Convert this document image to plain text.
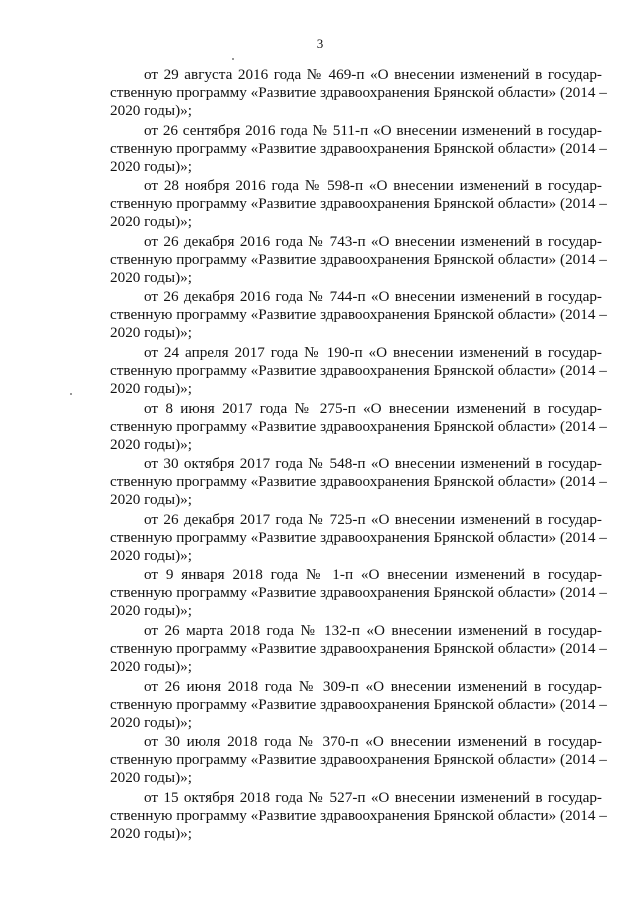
3

от 29 августа 2016 года № 469-п «О внесении изменений в государ-
ственную программу «Развитие здравоохранения Брянской области» (2014 –
2020 годы)»;

от 26 сентября 2016 года № 511-п «О внесении изменений в государ-
ственную программу «Развитие здравоохранения Брянской области» (2014 –
2020 годы)»;

от 28 ноября 2016 года № 598-п «О внесении изменений в государ-
ственную программу «Развитие здравоохранения Брянской области» (2014 –
2020 годы)»;

от 26 декабря 2016 года № 743-п «О внесении изменений в государ-
ственную программу «Развитие здравоохранения Брянской области» (2014 –
2020 годы)»;

от 26 декабря 2016 года № 744-п «О внесении изменений в государ-
ственную программу «Развитие здравоохранения Брянской области» (2014 –
2020 годы)»;

от 24 апреля 2017 года № 190-п «О внесении изменений в государ-
ственную программу «Развитие здравоохранения Брянской области» (2014 –
2020 годы)»;

от 8 июня 2017 года № 275-п «О внесении изменений в государ-
ственную программу «Развитие здравоохранения Брянской области» (2014 –
2020 годы)»;

от 30 октября 2017 года № 548-п «О внесении изменений в государ-
ственную программу «Развитие здравоохранения Брянской области» (2014 –
2020 годы)»;

от 26 декабря 2017 года № 725-п «О внесении изменений в государ-
ственную программу «Развитие здравоохранения Брянской области» (2014 –
2020 годы)»;

от 9 января 2018 года № 1-п «О внесении изменений в государ-
ственную программу «Развитие здравоохранения Брянской области» (2014 –
2020 годы)»;

от 26 марта 2018 года № 132-п «О внесении изменений в государ-
ственную программу «Развитие здравоохранения Брянской области» (2014 –
2020 годы)»;

от 26 июня 2018 года № 309-п «О внесении изменений в государ-
ственную программу «Развитие здравоохранения Брянской области» (2014 –
2020 годы)»;

от 30 июля 2018 года № 370-п «О внесении изменений в государ-
ственную программу «Развитие здравоохранения Брянской области» (2014 –
2020 годы)»;

от 15 октября 2018 года № 527-п «О внесении изменений в государ-
ственную программу «Развитие здравоохранения Брянской области» (2014 –
2020 годы)»;
